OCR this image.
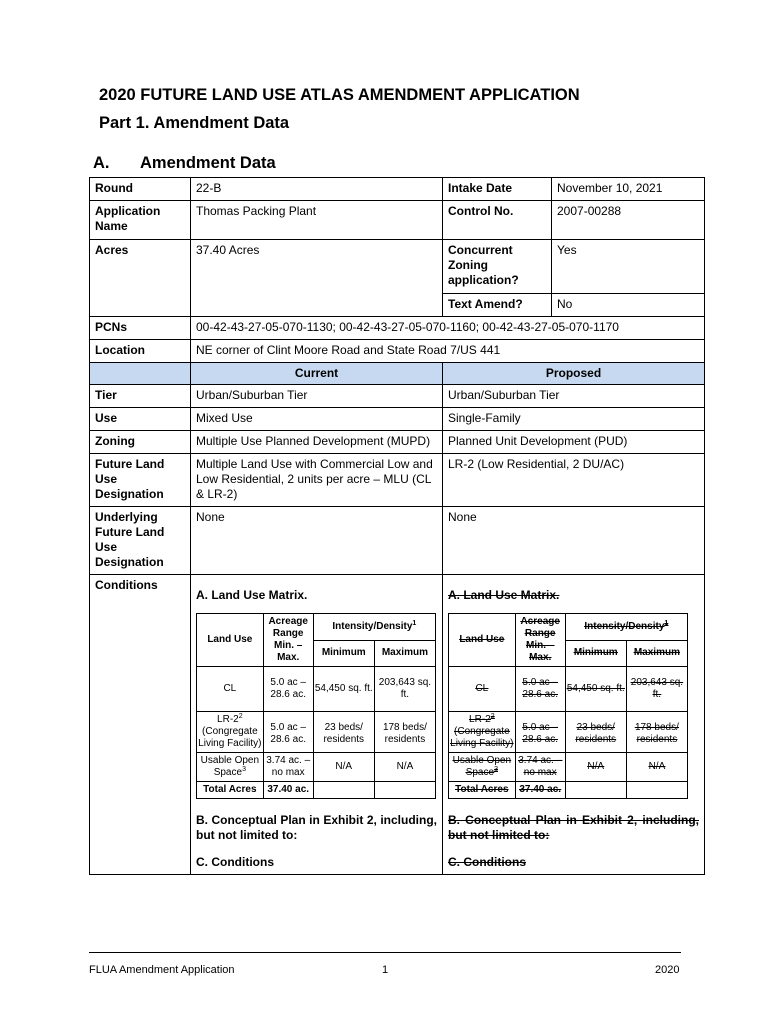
2020 FUTURE LAND USE ATLAS AMENDMENT APPLICATION
Part 1. Amendment Data
A. Amendment Data
Round	22-B	Intake Date	November 10, 2021
Application Name	Thomas Packing Plant	Control No.	2007-00288
Acres	37.40 Acres	Concurrent Zoning application?	Yes
Text Amend?	No
PCNs	00-42-43-27-05-070-1130; 00-42-43-27-05-070-1160; 00-42-43-27-05-070-1170
Location	NE corner of Clint Moore Road and State Road 7/US 441
	Current	Proposed
Tier	Urban/Suburban Tier	Urban/Suburban Tier
Use	Mixed Use	Single-Family
Zoning	Multiple Use Planned Development (MUPD)	Planned Unit Development (PUD)
Future Land Use Designation	Multiple Land Use with Commercial Low and Low Residential, 2 units per acre – MLU (CL & LR-2)	LR-2 (Low Residential, 2 DU/AC)
Underlying Future Land Use Designation	None	None
Conditions	
A. Land Use Matrix.
Land Use	Acreage Range Min. – Max.	Intensity/Density$^1$
Minimum	Maximum
CL	5.0 ac – 28.6 ac.	54,450 sq. ft.	203,643 sq. ft.
$LR-2^2$
(Congregate Living Facility)	5.0 ac – 28.6 ac.	23 beds/ residents	178 beds/ residents
Usable Open Space$^3$	3.74 ac. – no max	N/A	N/A
Total Acres	37.40 ac.		
B. Conceptual Plan in Exhibit 2, including, but not limited to:
C. Conditions

A. Land Use Matrix.
Land Use	Acreage Range Min. – Max.	Intensity/Density$^1$
Minimum	Maximum
CL	5.0 ac – 28.6 ac.	54,450 sq. ft.	203,643 sq. ft.
$LR-2^2$
(Congregate Living Facility)	5.0 ac – 28.6 ac.	23 beds/ residents	178 beds/ residents
Usable Open Space$^3$	3.74 ac. – no max	N/A	N/A
Total Acres	37.40 ac.		
B. Conceptual Plan in Exhibit 2, including, but not limited to:
C. Conditions
FLUA Amendment Application	1	2020
